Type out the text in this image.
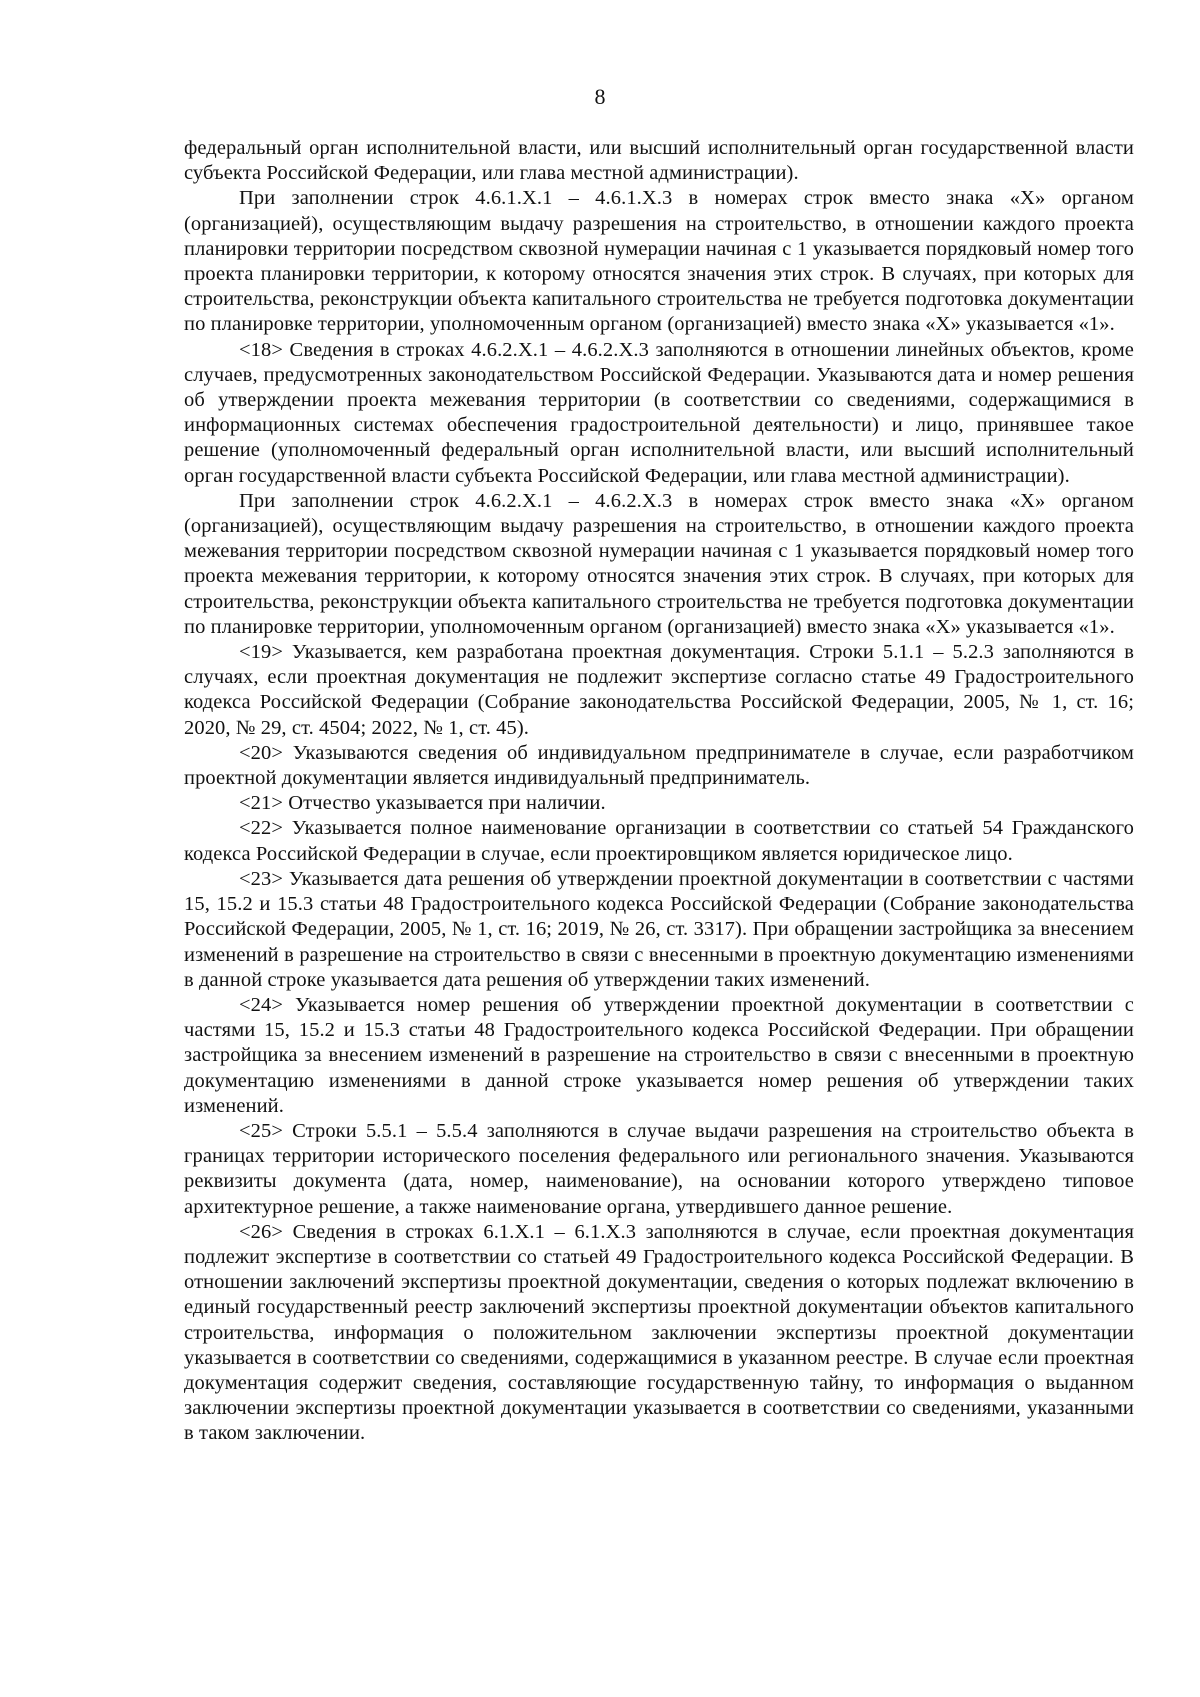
8

федеральный орган исполнительной власти, или высший исполнительный орган государственной власти субъекта Российской Федерации, или глава местной администрации).

При заполнении строк 4.6.1.Х.1 – 4.6.1.Х.3 в номерах строк вместо знака «Х» органом (организацией), осуществляющим выдачу разрешения на строительство, в отношении каждого проекта планировки территории посредством сквозной нумерации начиная с 1 указывается порядковый номер того проекта планировки территории, к которому относятся значения этих строк. В случаях, при которых для строительства, реконструкции объекта капитального строительства не требуется подготовка документации по планировке территории, уполномоченным органом (организацией) вместо знака «Х» указывается «1».

<18> Сведения в строках 4.6.2.Х.1 – 4.6.2.Х.3 заполняются в отношении линейных объектов, кроме случаев, предусмотренных законодательством Российской Федерации. Указываются дата и номер решения об утверждении проекта межевания территории (в соответствии со сведениями, содержащимися в информационных системах обеспечения градостроительной деятельности) и лицо, принявшее такое решение (уполномоченный федеральный орган исполнительной власти, или высший исполнительный орган государственной власти субъекта Российской Федерации, или глава местной администрации).

При заполнении строк 4.6.2.Х.1 – 4.6.2.Х.3 в номерах строк вместо знака «Х» органом (организацией), осуществляющим выдачу разрешения на строительство, в отношении каждого проекта межевания территории посредством сквозной нумерации начиная с 1 указывается порядковый номер того проекта межевания территории, к которому относятся значения этих строк. В случаях, при которых для строительства, реконструкции объекта капитального строительства не требуется подготовка документации по планировке территории, уполномоченным органом (организацией) вместо знака «Х» указывается «1».

<19> Указывается, кем разработана проектная документация. Строки 5.1.1 – 5.2.3 заполняются в случаях, если проектная документация не подлежит экспертизе согласно статье 49 Градостроительного кодекса Российской Федерации (Собрание законодательства Российской Федерации, 2005, № 1, ст. 16; 2020, № 29, ст. 4504; 2022, № 1, ст. 45).

<20> Указываются сведения об индивидуальном предпринимателе в случае, если разработчиком проектной документации является индивидуальный предприниматель.

<21> Отчество указывается при наличии.

<22> Указывается полное наименование организации в соответствии со статьей 54 Гражданского кодекса Российской Федерации в случае, если проектировщиком является юридическое лицо.

<23> Указывается дата решения об утверждении проектной документации в соответствии с частями 15, 15.2 и 15.3 статьи 48 Градостроительного кодекса Российской Федерации (Собрание законодательства Российской Федерации, 2005, № 1, ст. 16; 2019, № 26, ст. 3317). При обращении застройщика за внесением изменений в разрешение на строительство в связи с внесенными в проектную документацию изменениями в данной строке указывается дата решения об утверждении таких изменений.

<24> Указывается номер решения об утверждении проектной документации в соответствии с частями 15, 15.2 и 15.3 статьи 48 Градостроительного кодекса Российской Федерации. При обращении застройщика за внесением изменений в разрешение на строительство в связи с внесенными в проектную документацию изменениями в данной строке указывается номер решения об утверждении таких изменений.

<25> Строки 5.5.1 – 5.5.4 заполняются в случае выдачи разрешения на строительство объекта в границах территории исторического поселения федерального или регионального значения. Указываются реквизиты документа (дата, номер, наименование), на основании которого утверждено типовое архитектурное решение, а также наименование органа, утвердившего данное решение.

<26> Сведения в строках 6.1.Х.1 – 6.1.Х.3 заполняются в случае, если проектная документация подлежит экспертизе в соответствии со статьей 49 Градостроительного кодекса Российской Федерации. В отношении заключений экспертизы проектной документации, сведения о которых подлежат включению в единый государственный реестр заключений экспертизы проектной документации объектов капитального строительства, информация о положительном заключении экспертизы проектной документации указывается в соответствии со сведениями, содержащимися в указанном реестре. В случае если проектная документация содержит сведения, составляющие государственную тайну, то информация о выданном заключении экспертизы проектной документации указывается в соответствии со сведениями, указанными в таком заключении.
